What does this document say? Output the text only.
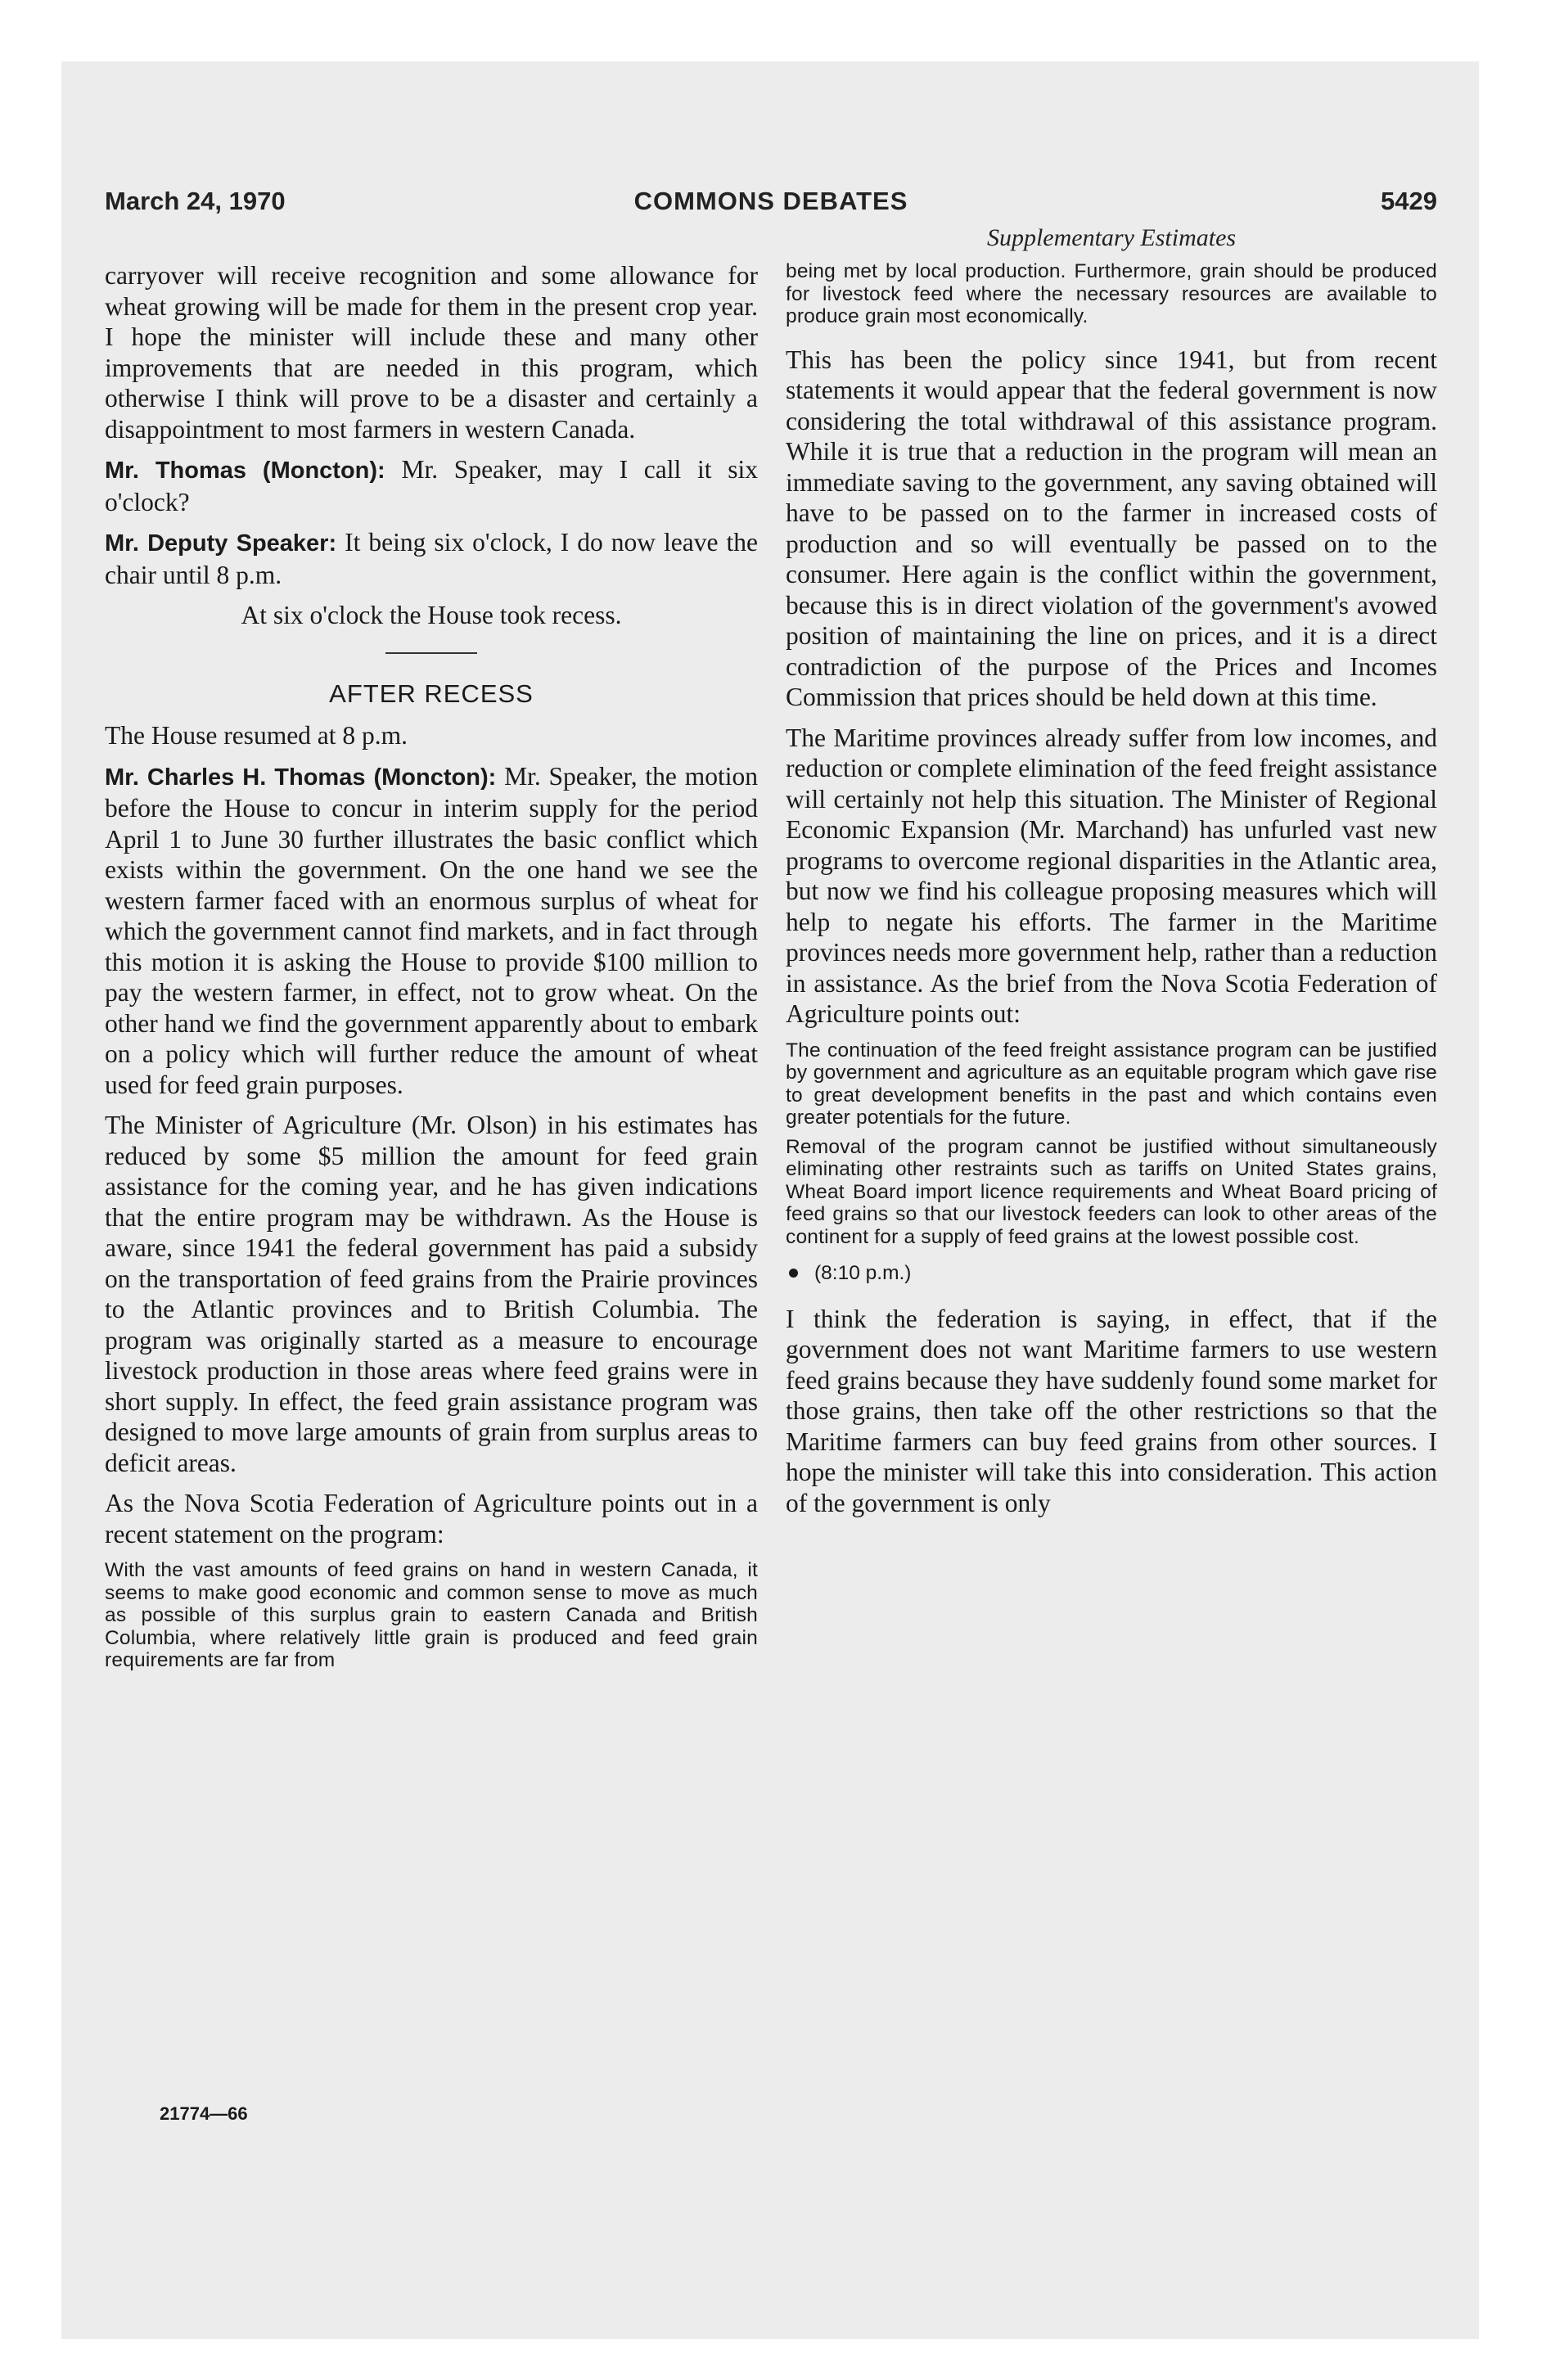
March 24, 1970	COMMONS DEBATES	5429
Supplementary Estimates

carryover will receive recognition and some allowance for wheat growing will be made for them in the present crop year. I hope the minister will include these and many other improvements that are needed in this program, which otherwise I think will prove to be a disaster and certainly a disappointment to most farmers in western Canada.

Mr. Thomas (Moncton): Mr. Speaker, may I call it six o'clock?

Mr. Deputy Speaker: It being six o'clock, I do now leave the chair until 8 p.m.

At six o'clock the House took recess.

AFTER RECESS

The House resumed at 8 p.m.

Mr. Charles H. Thomas (Moncton): Mr. Speaker, the motion before the House to concur in interim supply for the period April 1 to June 30 further illustrates the basic conflict which exists within the government. On the one hand we see the western farmer faced with an enormous surplus of wheat for which the government cannot find markets, and in fact through this motion it is asking the House to provide $100 million to pay the western farmer, in effect, not to grow wheat. On the other hand we find the government apparently about to embark on a policy which will further reduce the amount of wheat used for feed grain purposes.

The Minister of Agriculture (Mr. Olson) in his estimates has reduced by some $5 million the amount for feed grain assistance for the coming year, and he has given indications that the entire program may be withdrawn. As the House is aware, since 1941 the federal government has paid a subsidy on the transportation of feed grains from the Prairie provinces to the Atlantic provinces and to British Columbia. The program was originally started as a measure to encourage livestock production in those areas where feed grains were in short supply. In effect, the feed grain assistance program was designed to move large amounts of grain from surplus areas to deficit areas.

As the Nova Scotia Federation of Agriculture points out in a recent statement on the program:

With the vast amounts of feed grains on hand in western Canada, it seems to make good economic and common sense to move as much as possible of this surplus grain to eastern Canada and British Columbia, where relatively little grain is produced and feed grain requirements are far from

21774—66

being met by local production. Furthermore, grain should be produced for livestock feed where the necessary resources are available to produce grain most economically.

This has been the policy since 1941, but from recent statements it would appear that the federal government is now considering the total withdrawal of this assistance program. While it is true that a reduction in the program will mean an immediate saving to the government, any saving obtained will have to be passed on to the farmer in increased costs of production and so will eventually be passed on to the consumer. Here again is the conflict within the government, because this is in direct violation of the government's avowed position of maintaining the line on prices, and it is a direct contradiction of the purpose of the Prices and Incomes Commission that prices should be held down at this time.

The Maritime provinces already suffer from low incomes, and reduction or complete elimination of the feed freight assistance will certainly not help this situation. The Minister of Regional Economic Expansion (Mr. Marchand) has unfurled vast new programs to overcome regional disparities in the Atlantic area, but now we find his colleague proposing measures which will help to negate his efforts. The farmer in the Maritime provinces needs more government help, rather than a reduction in assistance. As the brief from the Nova Scotia Federation of Agriculture points out:

The continuation of the feed freight assistance program can be justified by government and agriculture as an equitable program which gave rise to great development benefits in the past and which contains even greater potentials for the future.

Removal of the program cannot be justified without simultaneously eliminating other restraints such as tariffs on United States grains, Wheat Board import licence requirements and Wheat Board pricing of feed grains so that our livestock feeders can look to other areas of the continent for a supply of feed grains at the lowest possible cost.

(8:10 p.m.)

I think the federation is saying, in effect, that if the government does not want Maritime farmers to use western feed grains because they have suddenly found some market for those grains, then take off the other restrictions so that the Maritime farmers can buy feed grains from other sources. I hope the minister will take this into consideration. This action of the government is only
